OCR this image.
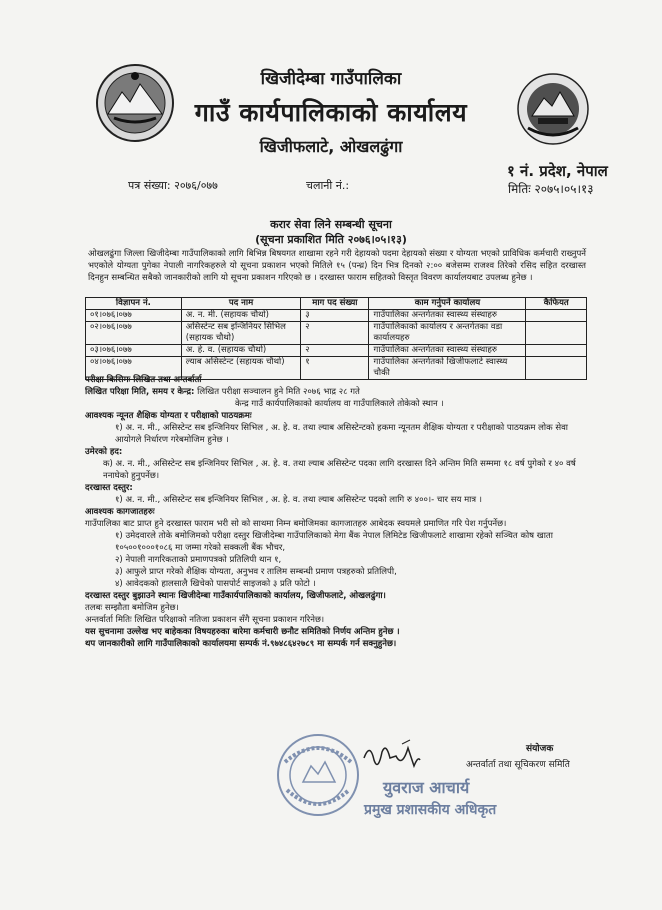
खिजीदेम्बा गाउँपालिका
गाउँ कार्यपालिकाको कार्यालय
खिजीफलाटे, ओखलढुंगा
पत्र संख्या: २०७६/०७७	चलानी नं.:
१ नं. प्रदेश, नेपाल
मितिः २०७५।०५।१३
करार सेवा लिने सम्बन्धी सूचना
(सूचना प्रकाशित मिति २०७६।०५।१३)
ओखलढुंगा जिल्ला खिजीदेम्बा गाउँपालिकाको लागि बिभिन्न बिषयगत शाखामा रहने गरी देहायको पदमा देहायको संख्या र योग्यता भएको प्राविधिक कर्मचारी राख्नुपर्ने भएकोले योग्यता पुगेका नेपाली नागरिकहरुले यो सूचना प्रकाशन भएको मितिले १५ (पन्ध्र) दिन भित्र दिनको २:०० बजेसम्म राजश्व तिरेको रसिद सहित दरखास्त दिनहुन सम्बन्धित सबैको जानकारीको लागि यो सूचना प्रकाशन गरिएको छ । दरखास्त फाराम सहितको विस्तृत विवरण कार्यालयबाट उपलब्ध हुनेछ ।
विज्ञापन नं.	पद नाम	माग पद संख्या	काम गर्नुपर्ने कार्यालय	कैफियत
०१।०७६।०७७	अ. न. मी. (सहायक चौथो)	३	गाउँपालिका अन्तर्गतका स्वास्थ्य संस्थाहरु	
०२।०७६।०७७	असिस्टेन्ट सब इन्जिनियर सिभिल (सहायक चौथो)	२	गाउँपालिकाको कार्यालय र अन्तर्गतका वडा कार्यालयहरु	
०३।०७६।०७७	अ. हे. व. (सहायक चौथो)	२	गाउँपालिका अन्तर्गतका स्वास्थ्य संस्थाहरु	
०४।०७६।०७७	ल्याब असिस्टेन्ट (सहायक चौथो)	१	गाउँपालिका अन्तर्गतको खिजीफलाटे स्वास्थ्य चौकी	
परीक्षा किसिमः लिखित तथा अन्तर्वार्ता
लिखित परिक्षा मिति, समय र केन्द्र: लिखित परीक्षा सञ्चालन हुने मिति २०७६ भाद्र २८ गते
केन्द्र गाउँ कार्यपालिकाको कार्यालय वा गाउँपालिकाले तोकेको स्थान ।
आवश्यक न्यूनत शैक्षिक योग्यता र परीक्षाको पाठयक्रमः
१) अ. न. मी., असिस्टेन्ट सब इन्जिनियर सिभिल , अ. हे. व. तथा ल्याब असिस्टेन्टको हकमा न्यूनतम शैक्षिक योग्यता र परीक्षाको पाठयक्रम लोक सेवा आयोगले निर्धारण गरेबमोजिम हुनेछ ।
उमेरको हद:
क) अ. न. मी., असिस्टेन्ट सब इन्जिनियर सिभिल , अ. हे. व. तथा ल्याब असिस्टेन्ट पदका लागि दरखास्त दिने अन्तिम मिति सम्ममा १८ वर्ष पुगेको र ४० वर्ष ननाघेको हुनुपर्नेछ।
दरखास्त दस्तुर:
१) अ. न. मी., असिस्टेन्ट सब इन्जिनियर सिभिल , अ. हे. व. तथा ल्याब असिस्टेन्ट पदको लागि रु ४००।- चार सय मात्र ।
आवश्यक कागजातहरुः
गाउँपालिका बाट प्राप्त हुने दरखास्त फाराम भरी सो को साथमा निम्न बमोजिमका कागजातहरु आबेदक स्वयमले प्रमाणित गरि पेश गर्नुपर्नेछ।
१) उमेदवारले तोके बमोजिमको परीक्षा दस्तुर खिजीदेम्बा गाउँपालिकाको मेगा बैंक नेपाल लिमिटेड खिजीफलाटे शाखामा रहेको सञ्चित कोष खाता १०५००१०००१०८६ मा जम्मा गरेको सक्कली बैंक भौचर,
२) नेपाली नागरिकताको प्रमाणपत्रको प्रतिलिपी थान १,
३) आफुले प्राप्त गरेको शैक्षिक योग्यता, अनुभव र तालिम सम्बन्धी प्रमाण पत्रहरुको प्रतिलिपी,
४) आवेदकको हालसालै खिचेको पासपोर्ट साइजको ३ प्रति फोटो ।
दरखास्त दस्तुर बुझाउने स्थानः खिजीदेम्बा गाउँकार्यपालिकाको कार्यालय, खिजीफलाटे, ओखलढुंगा।
तलबः सम्झौता बमोजिम हुनेछ।
अन्तर्वार्ता मितिः लिखित परिक्षाको नतिजा प्रकाशन सँगै सूचना प्रकाशन गरिनेछ।
यस सुचनामा उल्लेख भए बाहेकका विषयहरुका बारेमा कर्मचारी छनौट समितिको निर्णय अन्तिम हुनेछ ।
थप जानकारीको लागि गाउँपालिकाको कार्यालयमा सम्पर्क नं.९७४८६४२७८९ मा सम्पर्क गर्न सक्नुहुनेछ।
युवराज आचार्य
प्रमुख प्रशासकीय अधिकृत
संयोजक
अन्तर्वार्ता तथा सूचिकरण समिति
